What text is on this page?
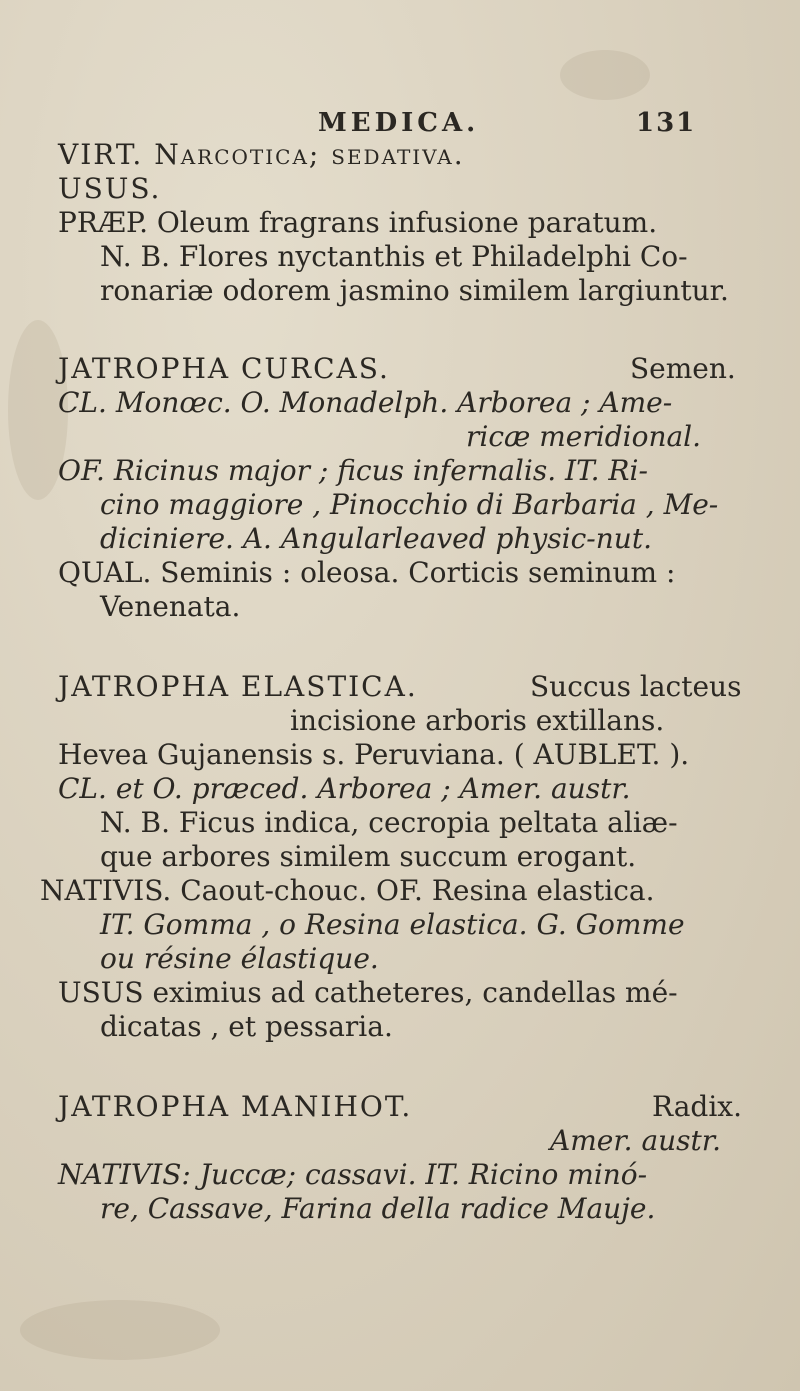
MEDICA.	131
VIRT. Narcotica; sedativa.
USUS.
PRÆP. Oleum fragrans infusione paratum.
N. B. Flores nyctanthis et Philadelphi Co-
ronariæ odorem jasmino similem largiuntur.
JATROPHA CURCAS.	Semen.
CL. Monœc. O. Monadelph. Arborea ; Ame-
ricæ meridional.
OF. Ricinus major ; ficus infernalis. IT. Ri-
cino maggiore , Pinocchio di Barbaria , Me-
diciniere. A. Angularleaved physic-nut.
QUAL. Seminis : oleosa. Corticis seminum :
Venenata.
JATROPHA ELASTICA.	Succus lacteus
incisione arboris extillans.
Hevea Gujanensis s. Peruviana. ( AUBLET. ).
CL. et O. præced. Arborea ; Amer. austr.
N. B. Ficus indica, cecropia peltata aliæ-
que arbores similem succum erogant.
NATIVIS. Caout-chouc. OF. Resina elastica.
IT. Gomma , o Resina elastica. G. Gomme
ou résine élastique.
USUS eximius ad catheteres, candellas mé-
dicatas , et pessaria.
JATROPHA MANIHOT.	Radix.
Amer. austr.
NATIVIS: Juccæ; cassavi. IT. Ricino minó-
re, Cassave, Farina della radice Mauje.
